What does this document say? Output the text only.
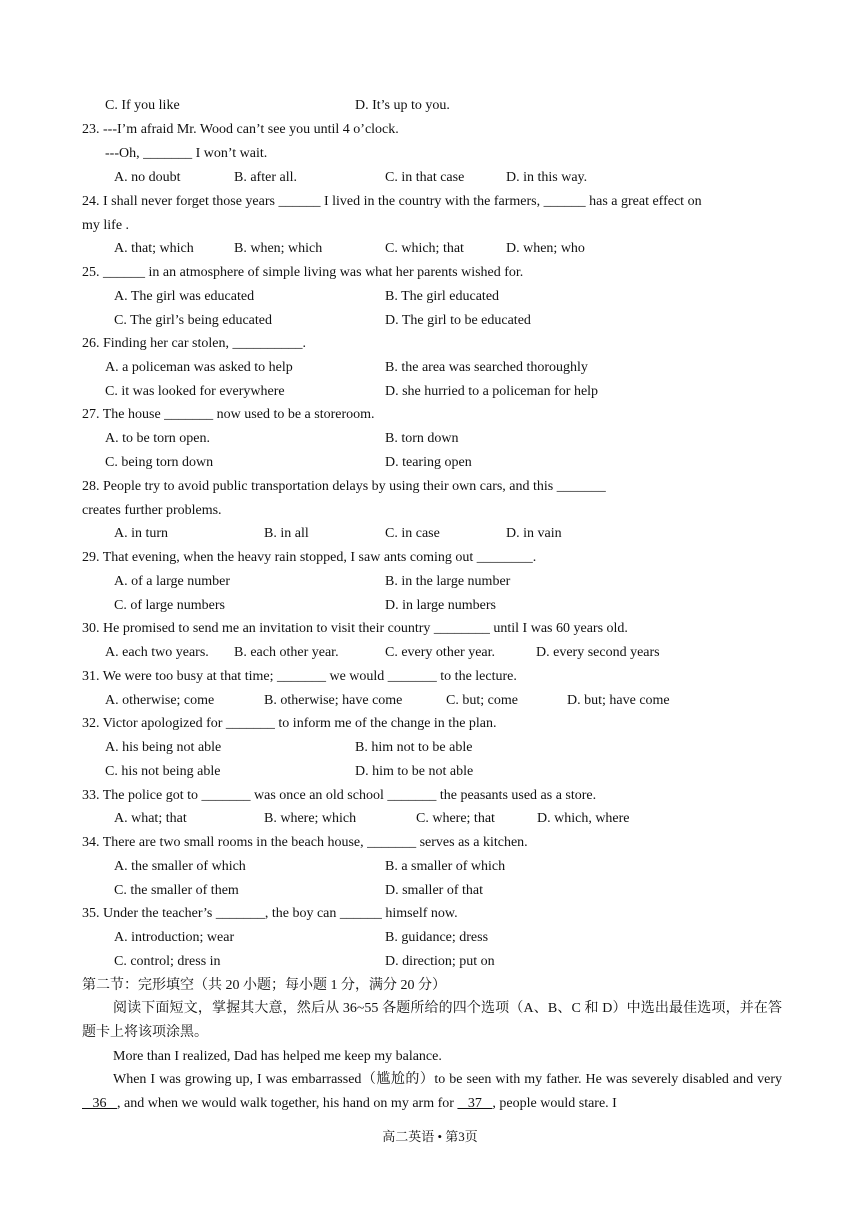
C. If you like	D. It’s up to you.
23. ---I’m afraid Mr. Wood can’t see you until 4 o’clock.
---Oh, _______ I won’t wait.
A. no doubt	B. after all.	C. in that case	D. in this way.
24. I shall never forget those years ______ I lived in the country with the farmers, ______ has a great effect on
my life .
A. that; which	B. when; which	C. which; that	D. when; who
25. ______ in an atmosphere of simple living was what her parents wished for.
A. The girl was educated	B. The girl educated
C. The girl’s being educated	D. The girl to be educated
26. Finding her car stolen, __________.
A. a policeman was asked to help	B. the area was searched thoroughly
C. it was looked for everywhere	D. she hurried to a policeman for help
27. The house _______ now used to be a storeroom.
A. to be torn open.	B. torn down
C. being torn down	D. tearing open
28. People try to avoid public transportation delays by using their own cars, and this _______
creates further problems.
A. in turn	B. in all	C. in case	D. in vain
29. That evening, when the heavy rain stopped, I saw ants coming out ________.
A. of a large number	B. in the large number
C. of large numbers	D. in large numbers
30. He promised to send me an invitation to visit their country ________ until I was 60 years old.
A. each two years. B. each other year.	C. every other year.	D. every second years
31. We were too busy at that time; _______ we would _______ to the lecture.
A. otherwise; come	B. otherwise; have come	C. but; come	D. but; have come
32. Victor apologized for _______ to inform me of the change in the plan.
A. his being not able	B. him not to be able
C. his not being able	D. him to be not able
33. The police got to _______ was once an old school _______ the peasants used as a store.
A. what; that	B. where; which	C. where; that	D. which, where
34. There are two small rooms in the beach house, _______ serves as a kitchen.
A. the smaller of which	B. a smaller of which
C. the smaller of them	D. smaller of that
35. Under the teacher’s _______, the boy can ______ himself now.
A. introduction; wear	B. guidance; dress
C. control; dress in	D. direction; put on
第二节：完形填空（共 20 小题；每小题 1 分，满分 20 分）
阅读下面短文，掌握其大意，然后从 36~55 各题所给的四个选项（A、B、C 和 D）中选出最佳选项，并在答题卡上将该项涂黑。
More than I realized, Dad has helped me keep my balance.
When I was growing up, I was embarrassed（尴尬的）to be seen with my father. He was severely disabled and very    36   , and when we would walk together, his hand on my arm for    37   , people would stare. I
高二英语 • 第3页
